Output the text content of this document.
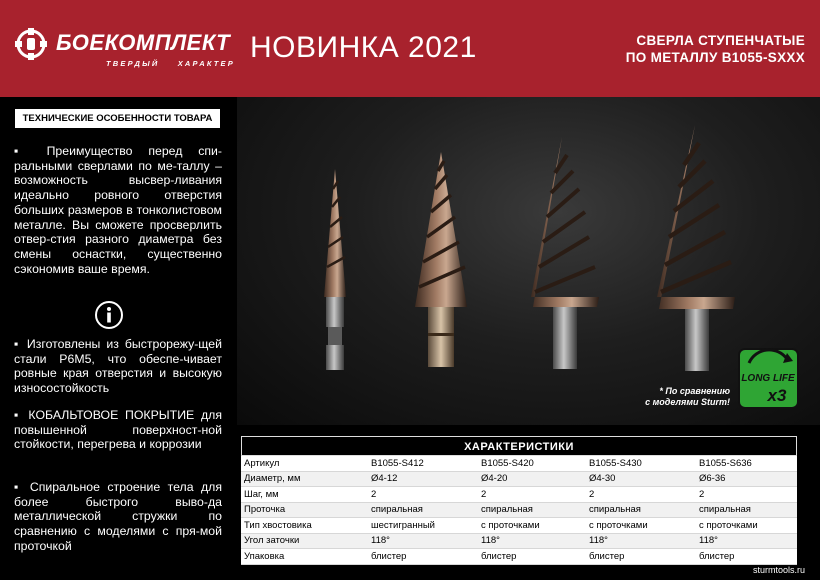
БОЕКОМПЛЕКТ
ТВЕРДЫЙ ХАРАКТЕР НОВИНКА 2021	СВЕРЛА СТУПЕНЧАТЫЕ
ПО МЕТАЛЛУ B1055-SXXX
ТЕХНИЧЕСКИЕ ОСОБЕННОСТИ ТОВАРА
▪ Преимущество перед спи-ральными сверлами по ме-таллу – возможность высвер-ливания идеально ровного отверстия больших размеров в тонколистовом металле. Вы сможете просверлить отвер-стия разного диаметра без смены оснастки, существенно сэкономив ваше время.
▪ Изготовлены из быстрорежу-щей стали Р6М5, что обеспе-чивает ровные края отверстия и высокую износостойкость
▪ КОБАЛЬТОВОЕ ПОКРЫТИЕ для повышенной поверхност-ной стойкости, перегрева и коррозии
▪ Спиральное строение тела для более быстрого выво-да металлической стружки по сравнению с моделями с пря-мой проточкой
LONG LIFE
x3
* По сравнению
с моделями Sturm!
ХАРАКТЕРИСТИКИ
Артикул	B1055-S412	B1055-S420	B1055-S430	B1055-S636
Диаметр, мм	Ø4-12	Ø4-20	Ø4-30	Ø6-36
Шаг, мм	2	2	2	2
Проточка	спиральная	спиральная	спиральная	спиральная
Тип хвостовика	шестигранный	с проточками	с проточками	с проточками
Угол заточки	118°	118°	118°	118°
Упаковка	блистер	блистер	блистер	блистер
sturmtools.ru
